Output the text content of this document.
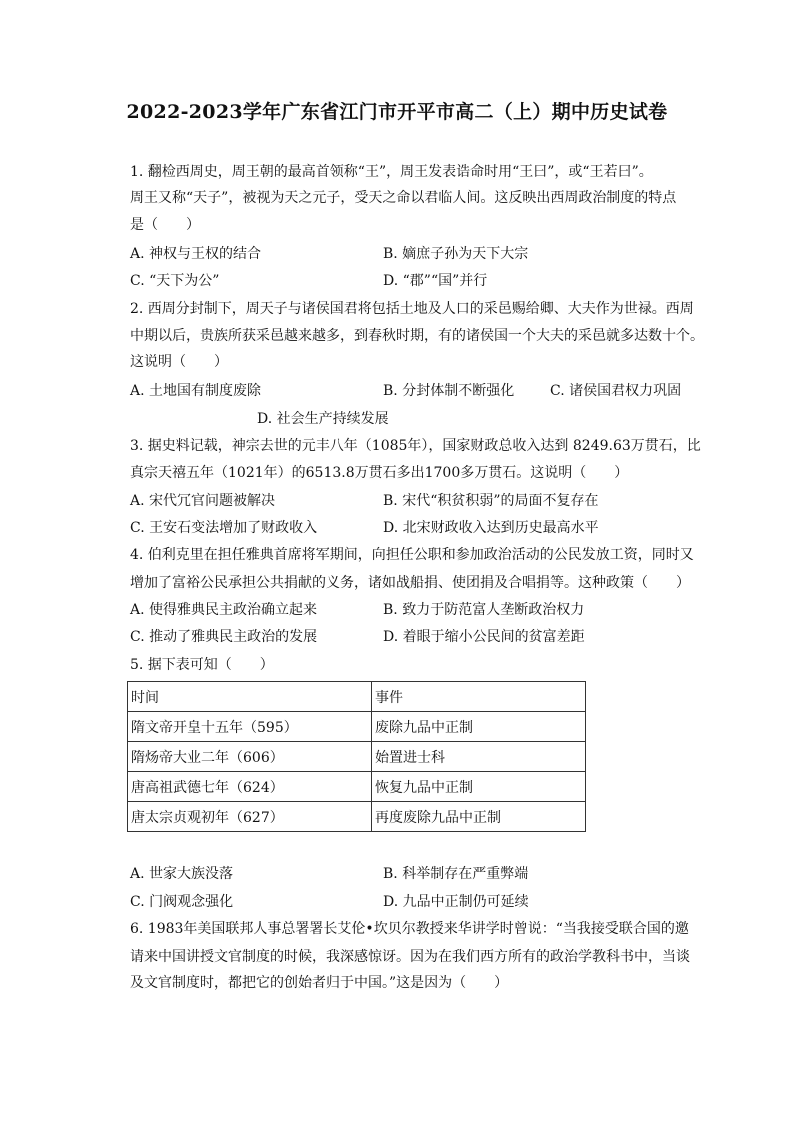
2022-2023学年广东省江门市开平市高二（上）期中历史试卷
1. 翻检西周史，周王朝的最高首领称“王”，周王发表诰命时用“王曰”，或“王若曰”。
周王又称“天子”，被视为天之元子，受天之命以君临人间。这反映出西周政治制度的特点
是（　　）
A. 神权与王权的结合	B. 嫡庶子孙为天下大宗
C. “天下为公”	D. “郡”“国”并行
2. 西周分封制下，周天子与诸侯国君将包括土地及人口的采邑赐给卿、大夫作为世禄。西周
中期以后，贵族所获采邑越来越多，到春秋时期，有的诸侯国一个大夫的采邑就多达数十个。
这说明（　　）
A. 土地国有制度废除	B. 分封体制不断强化	C. 诸侯国君权力巩固
D. 社会生产持续发展
3. 据史料记载，神宗去世的元丰八年（1085年），国家财政总收入达到 8249.63万贯石，比
真宗天禧五年（1021年）的6513.8万贯石多出1700多万贯石。这说明（　　）
A. 宋代冗官问题被解决	B. 宋代“积贫积弱”的局面不复存在
C. 王安石变法增加了财政收入	D. 北宋财政收入达到历史最高水平
4. 伯利克里在担任雅典首席将军期间，向担任公职和参加政治活动的公民发放工资，同时又
增加了富裕公民承担公共捐献的义务，诸如战船捐、使团捐及合唱捐等。这种政策（　　）
A. 使得雅典民主政治确立起来	B. 致力于防范富人垄断政治权力
C. 推动了雅典民主政治的发展	D. 着眼于缩小公民间的贫富差距
5. 据下表可知（　　）
时间	事件
隋文帝开皇十五年（595）	废除九品中正制
隋炀帝大业二年（606）	始置进士科
唐高祖武德七年（624）	恢复九品中正制
唐太宗贞观初年（627）	再度废除九品中正制
A. 世家大族没落	B. 科举制存在严重弊端
C. 门阀观念强化	D. 九品中正制仍可延续
6. 1983年美国联邦人事总署署长艾伦•坎贝尔教授来华讲学时曾说：“当我接受联合国的邀
请来中国讲授文官制度的时候，我深感惊讶。因为在我们西方所有的政治学教科书中，当谈
及文官制度时，都把它的创始者归于中国。”这是因为（　　）
